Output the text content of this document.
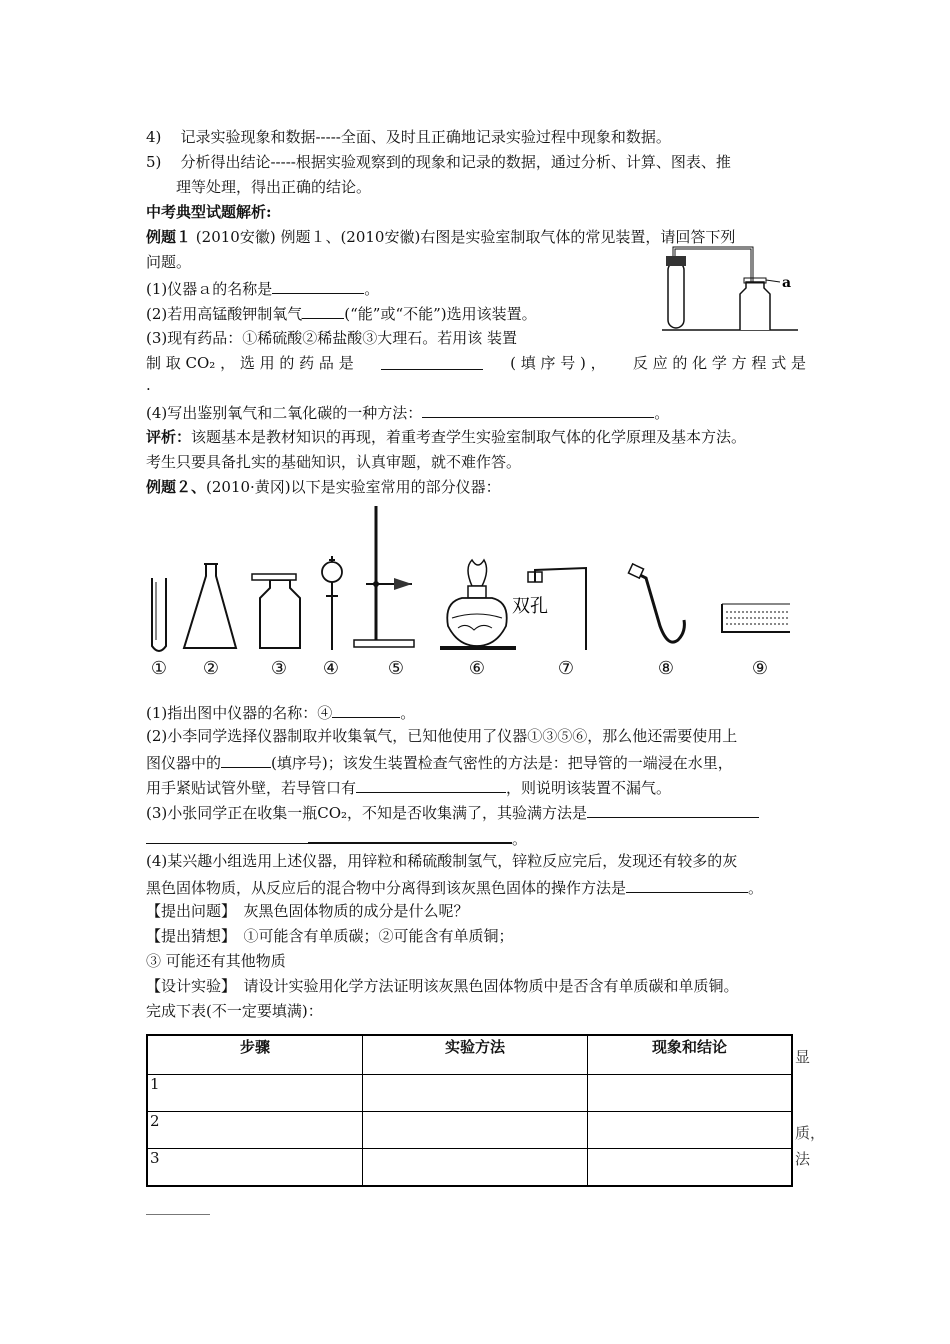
4) 记录实验现象和数据-----全面、及时且正确地记录实验过程中现象和数据。
5) 分析得出结论-----根据实验观察到的现象和记录的数据，通过分析、计算、图表、推
理等处理，得出正确的结论。
中考典型试题解析:
例题１ (2010安徽) 例题１、(2010安徽)右图是实验室制取气体的常见装置，请回答下列
问题。
(1)仪器ａ的名称是	。
(2)若用高锰酸钾制氧气	(“能”或“不能”)选用该装置。
(3)现有药品：①稀硫酸②稀盐酸③大理石。若用该 装置
制 取 CO₂ ， 选 用 的 药 品 是	( 填 序 号 ) ， 反 应 的 化 学 方 程 式 是
.
(4)写出鉴别氧气和二氧化碳的一种方法：	。
a
评析：该题基本是教材知识的再现，着重考查学生实验室制取气体的化学原理及基本方法。
考生只要具备扎实的基础知识，认真审题，就不难作答。
例题２、(2010·黄冈)以下是实验室常用的部分仪器：
双孔
①	②	③	④	⑤	⑥	⑦	⑧	⑨
(1)指出图中仪器的名称：④	。
(2)小李同学选择仪器制取并收集氧气，已知他使用了仪器①③⑤⑥，那么他还需要使用上
图仪器中的	(填序号)；该发生装置检查气密性的方法是：把导管的一端浸在水里，
用手紧贴试管外壁，若导管口有	，则说明该装置不漏气。
(3)小张同学正在收集一瓶CO₂，不知是否收集满了，其验满方法是
。
(4)某兴趣小组选用上述仪器，用锌粒和稀硫酸制氢气，锌粒反应完后，发现还有较多的灰
黑色固体物质，从反应后的混合物中分离得到该灰黑色固体的操作方法是	。
【提出问题】　灰黑色固体物质的成分是什么呢？
【提出猜想】　①可能含有单质碳；②可能含有单质铜；
③ 可能还有其他物质
【设计实验】　请设计实验用化学方法证明该灰黑色固体物质中是否含有单质碳和单质铜。
完成下表(不一定要填满)：
步骤	实验方法	现象和结论
1		
2		
3		
显
质，
法
